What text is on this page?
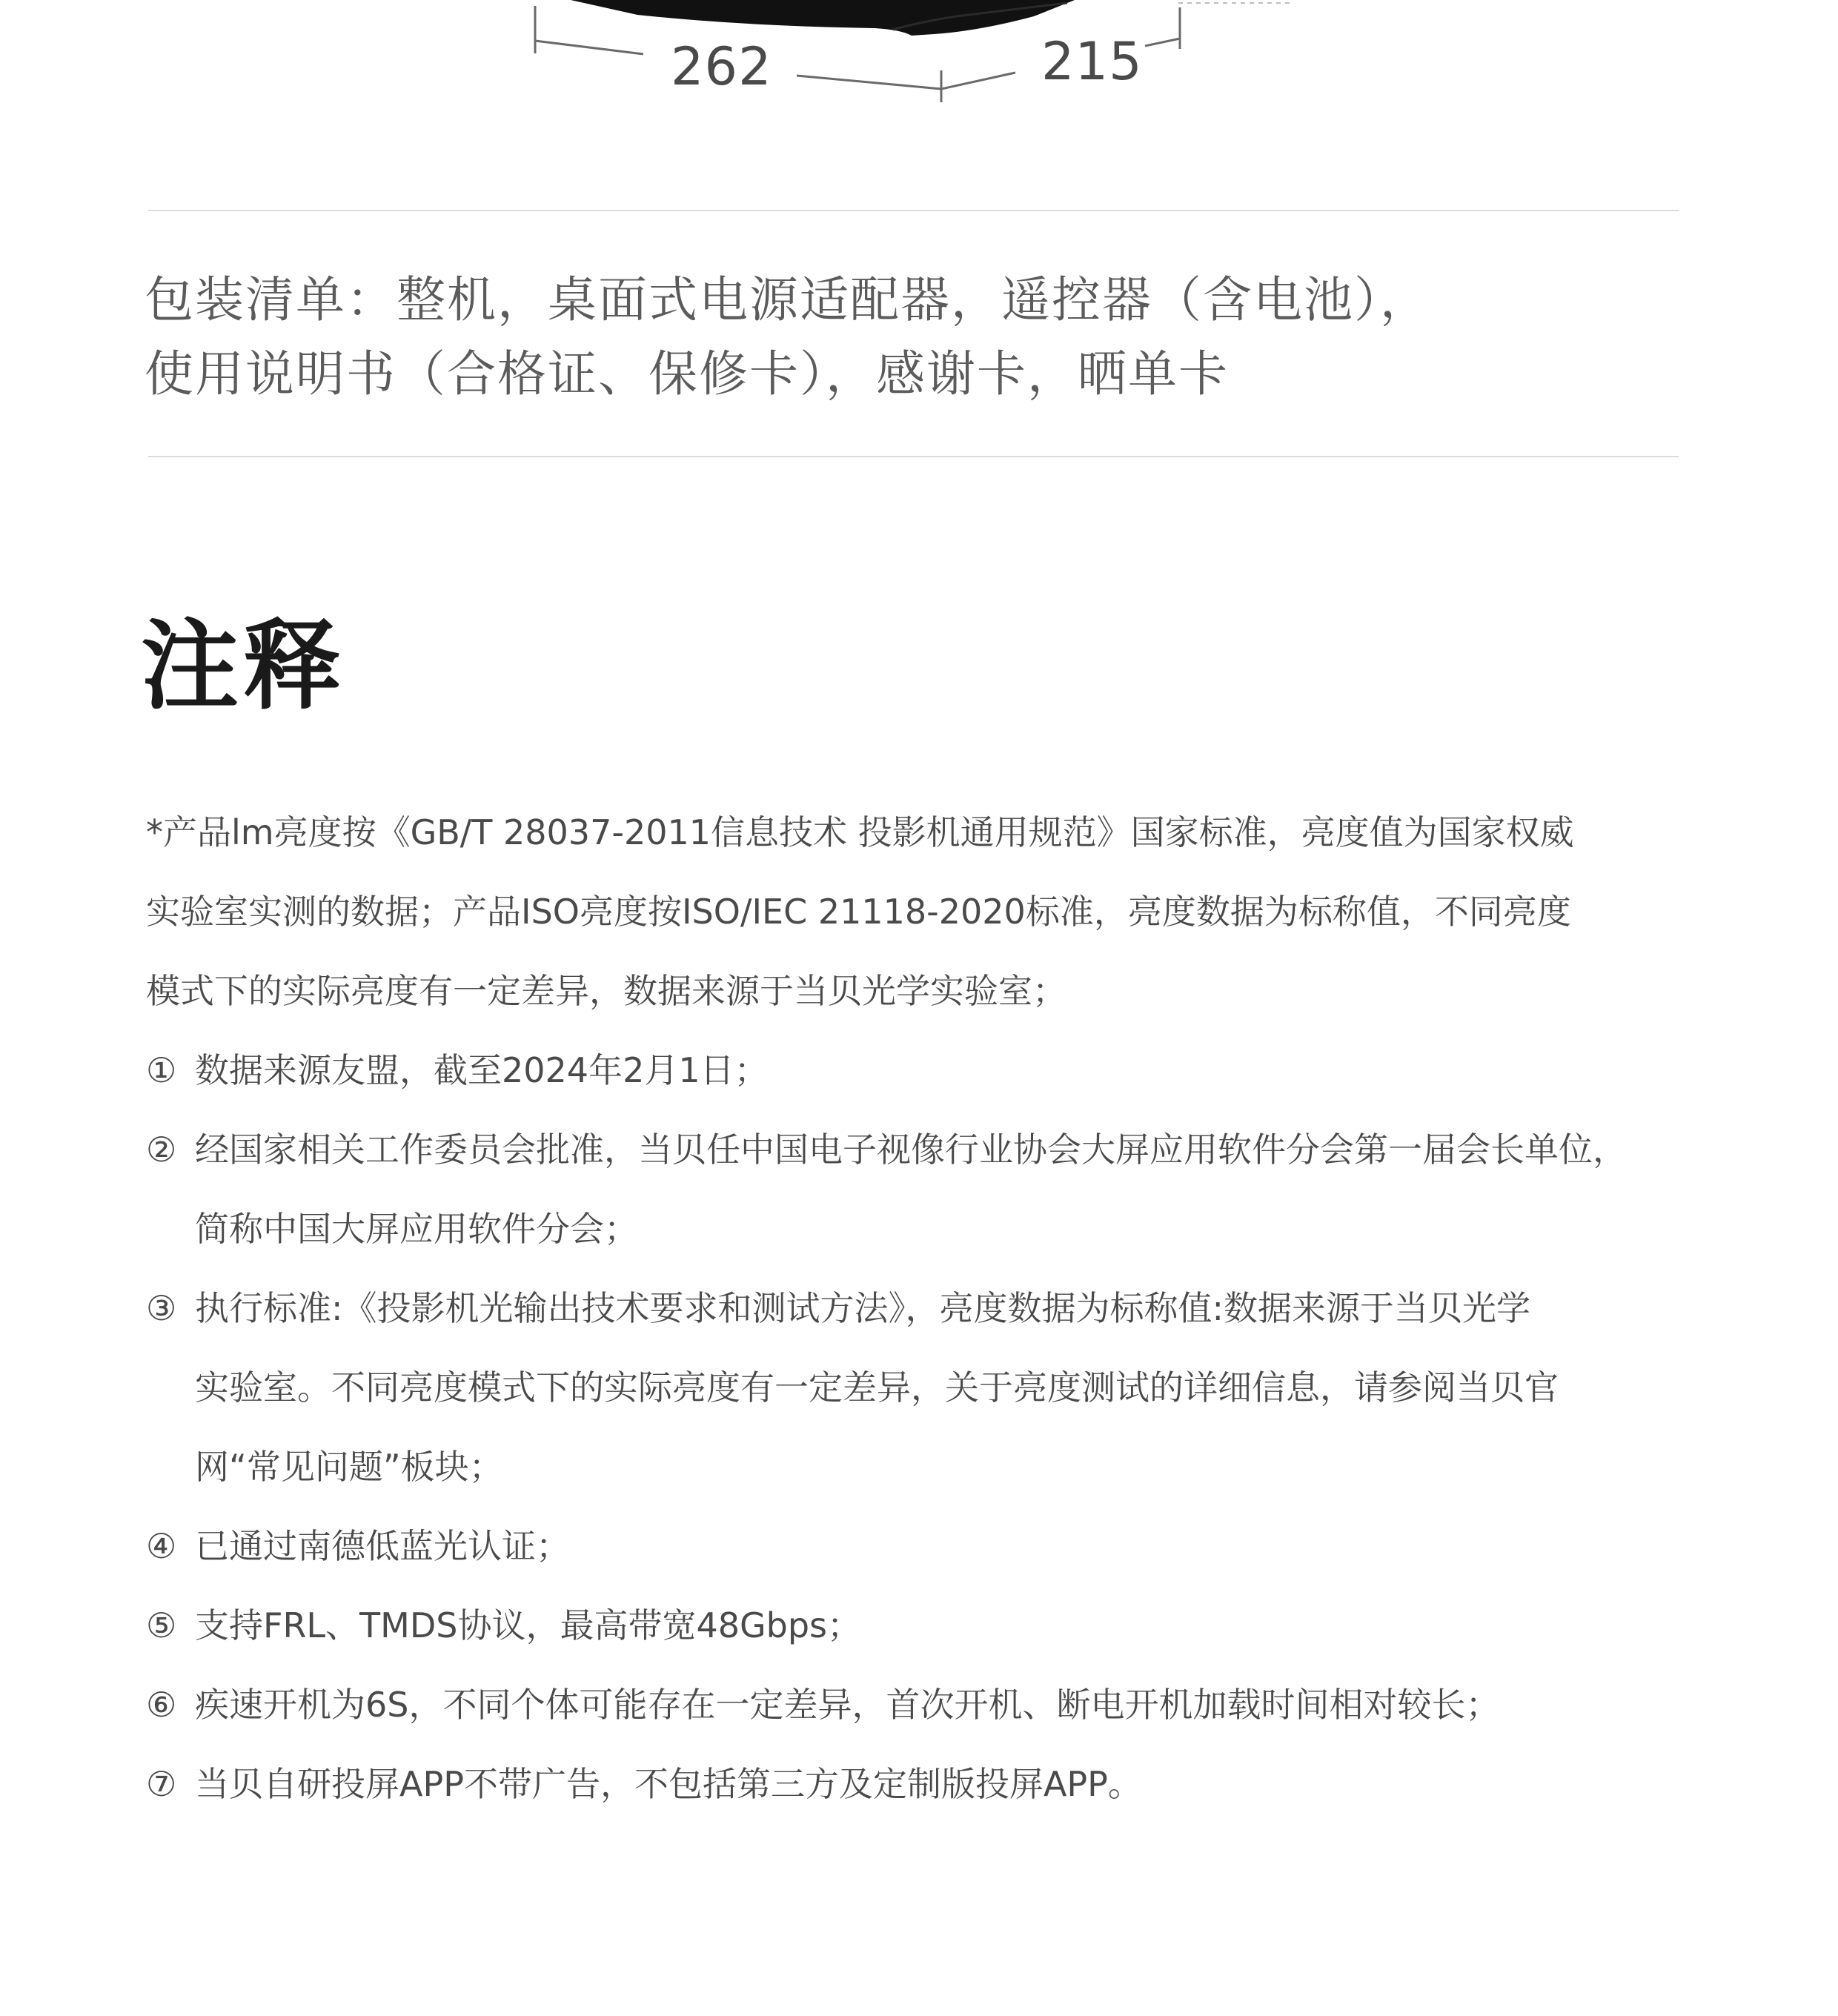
262	215
包装清单：整机，桌面式电源适配器，遥控器（含电池），
使用说明书（合格证、保修卡），感谢卡，晒单卡
注释
*产品lm亮度按《GB/T 28037-2011信息技术 投影机通用规范》国家标准，亮度值为国家权威
实验室实测的数据；产品ISO亮度按ISO/IEC 21118-2020标准，亮度数据为标称值，不同亮度
模式下的实际亮度有一定差异，数据来源于当贝光学实验室；
① 数据来源友盟，截至2024年2月1日；
② 经国家相关工作委员会批准，当贝任中国电子视像行业协会大屏应用软件分会第一届会长单位，
简称中国大屏应用软件分会；
③ 执行标准:《投影机光输出技术要求和测试方法》，亮度数据为标称值:数据来源于当贝光学
实验室。不同亮度模式下的实际亮度有一定差异，关于亮度测试的详细信息，请参阅当贝官
网“常见问题”板块；
④ 已通过南德低蓝光认证；
⑤ 支持FRL、TMDS协议，最高带宽48Gbps；
⑥ 疾速开机为6S，不同个体可能存在一定差异，首次开机、断电开机加载时间相对较长；
⑦ 当贝自研投屏APP不带广告，不包括第三方及定制版投屏APP。
